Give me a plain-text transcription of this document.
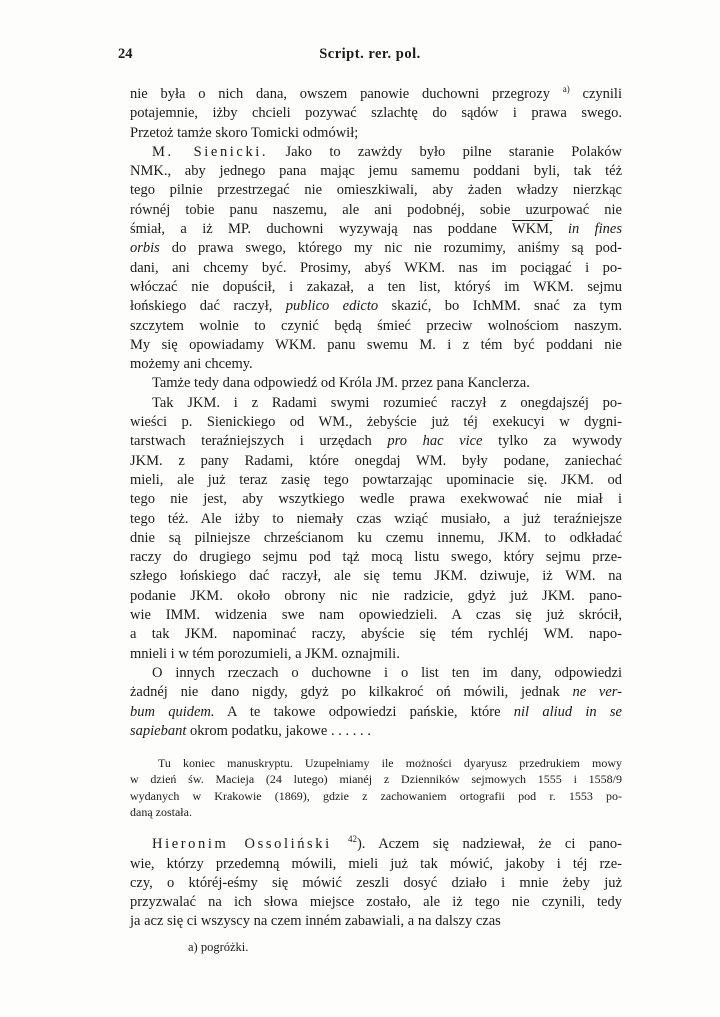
24	Script. rer. pol.
nie była o nich dana, owszem panowie duchowni przegrozy $^{a)}$ czynili
potajemnie, iżby chcieli pozywać szlachtę do sądów i prawa swego.
Przetoż tamże skoro Tomicki odmówił;
M. Sienicki. Jako to zawżdy było pilne staranie Polaków
NMK., aby jednego pana mając jemu samemu poddani byli, tak téż
tego pilnie przestrzegać nie omieszkiwali, aby żaden władzy nierzkąc
równéj tobie panu naszemu, ale ani podobnéj, sobie uzurpować nie
śmiał, a iż MP. duchowni wyzywają nas poddane WKM, in fines
orbis do prawa swego, którego my nic nie rozumimy, aniśmy są pod-
dani, ani chcemy być. Prosimy, abyś WKM. nas im pociągać i po-
włóczać nie dopuścił, i zakazał, a ten list, któryś im WKM. sejmu
łońskiego dać raczył, publico edicto skazić, bo IchMM. snać za tym
szczytem wolnie to czynić będą śmieć przeciw wolnościom naszym.
My się opowiadamy WKM. panu swemu M. i z tém być poddani nie
możemy ani chcemy.
Tamże tedy dana odpowiedź od Króla JM. przez pana Kanclerza.
Tak JKM. i z Radami swymi rozumieć raczył z onegdajszéj po-
wieści p. Sienickiego od WM., żebyście już téj exekucyi w dygni-
tarstwach teraźniejszych i urzędach pro hac vice tylko za wywody
JKM. z pany Radami, które onegdaj WM. były podane, zaniechać
mieli, ale już teraz zasię tego powtarzając upominacie się. JKM. od
tego nie jest, aby wszytkiego wedle prawa exekwować nie miał i
tego téż. Ale iżby to niemały czas wziąć musiało, a już teraźniejsze
dnie są pilniejsze chrześcianom ku czemu innemu, JKM. to odkładać
raczy do drugiego sejmu pod tąż mocą listu swego, który sejmu prze-
szłego łońskiego dać raczył, ale się temu JKM. dziwuje, iż WM. na
podanie JKM. około obrony nic nie radzicie, gdyż już JKM. pano-
wie IMM. widzenia swe nam opowiedzieli. A czas się już skrócił,
a tak JKM. napominać raczy, abyście się tém rychléj WM. napo-
mnieli i w tém porozumieli, a JKM. oznajmili.
O innych rzeczach o duchowne i o list ten im dany, odpowiedzi
żadnéj nie dano nigdy, gdyż po kilkakroć oń mówili, jednak ne ver-
bum quidem. A te takowe odpowiedzi pańskie, które nil aliud in se
sapiebant okrom podatku, jakowe . . . . . .
Tu koniec manuskryptu. Uzupełniamy ile możności dyaryusz przedrukiem mowy
w dzień św. Macieja (24 lutego) mianéj z Dzienników sejmowych 1555 i 1558/9
wydanych w Krakowie (1869), gdzie z zachowaniem ortografii pod r. 1553 po-
daną została.
Hieronim Ossoliński $^{42}$). Aczem się nadziewał, że ci pano-
wie, którzy przedemną mówili, mieli już tak mówić, jakoby i téj rze-
czy, o któréj-eśmy się mówić zeszli dosyć działo i mnie żeby już
przyzwalać na ich słowa miejsce zostało, ale iż tego nie czynili, tedy
ja acz się ci wszyscy na czem inném zabawiali, a na dalszy czas
a) pogróżki.
